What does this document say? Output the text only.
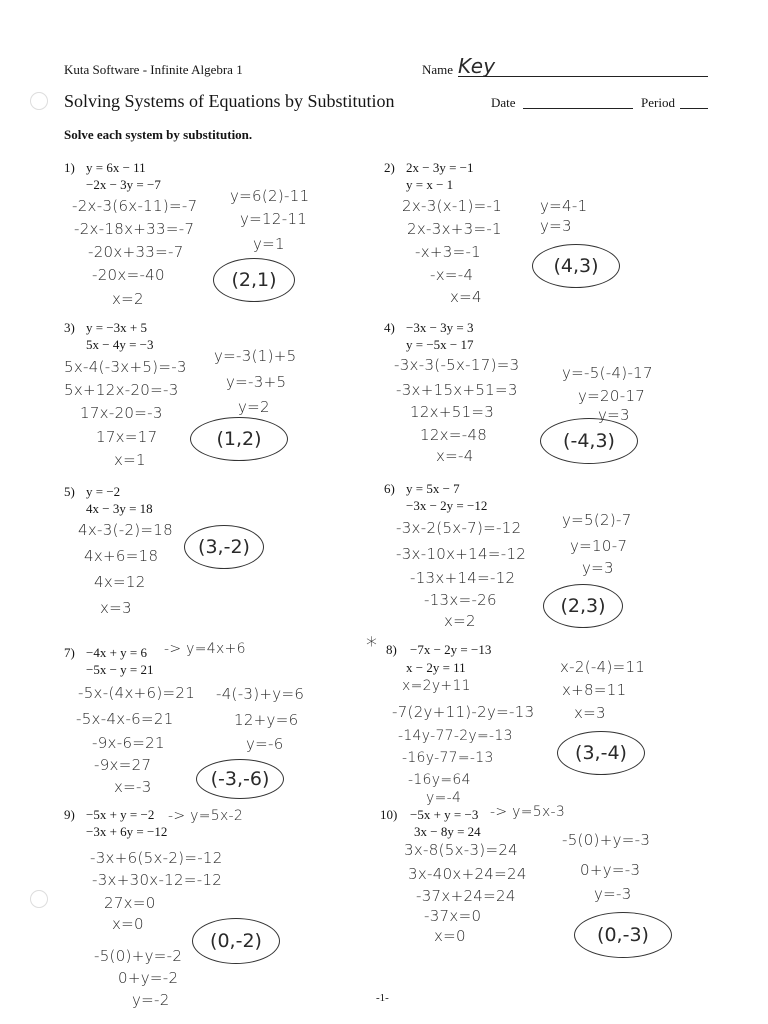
Kuta Software - Infinite Algebra 1	Name Key
Solving Systems of Equations by Substitution	Date	Period
Solve each system by substitution.
1) y = 6x − 11
−2x − 3y = −7
-2x-3(6x-11)=-7
-2x-18x+33=-7
-20x+33=-7
-20x=-40
x=2
y=6(2)-11
y=12-11
y=1
(2,1)
2) 2x − 3y = −1
y = x − 1
2x-3(x-1)=-1
2x-3x+3=-1
-x+3=-1
-x=-4
x=4
y=4-1
y=3
(4,3)
3) y = −3x + 5
5x − 4y = −3
5x-4(-3x+5)=-3
5x+12x-20=-3
17x-20=-3
17x=17
x=1
y=-3(1)+5
y=-3+5
y=2
(1,2)
4) −3x − 3y = 3
y = −5x − 17
-3x-3(-5x-17)=3
-3x+15x+51=3
12x+51=3
12x=-48
x=-4
y=-5(-4)-17
y=20-17
y=3
(-4,3)
5) y = −2
4x − 3y = 18
4x-3(-2)=18
4x+6=18
4x=12
x=3
(3,-2)
6) y = 5x − 7
−3x − 2y = −12
-3x-2(5x-7)=-12
-3x-10x+14=-12
-13x+14=-12
-13x=-26
x=2
y=5(2)-7
y=10-7
y=3
(2,3)
7) −4x + y = 6 -> y=4x+6
−5x − y = 21
-5x-(4x+6)=21
-5x-4x-6=21
-9x-6=21
-9x=27
x=-3
-4(-3)+y=6
12+y=6
y=-6
(-3,-6)
* 8) −7x − 2y = −13
x − 2y = 11
x=2y+11
-7(2y+11)-2y=-13
-14y-77-2y=-13
-16y-77=-13
-16y=64
y=-4
x-2(-4)=11
x+8=11
x=3
(3,-4)
9) −5x + y = −2 -> y=5x-2
−3x + 6y = −12
-3x+6(5x-2)=-12
-3x+30x-12=-12
27x=0
x=0
-5(0)+y=-2
0+y=-2
y=-2
(0,-2)
10) −5x + y = −3 -> y=5x-3
3x − 8y = 24
3x-8(5x-3)=24
3x-40x+24=24
-37x+24=24
-37x=0
x=0
-5(0)+y=-3
0+y=-3
y=-3
(0,-3)
-1-
